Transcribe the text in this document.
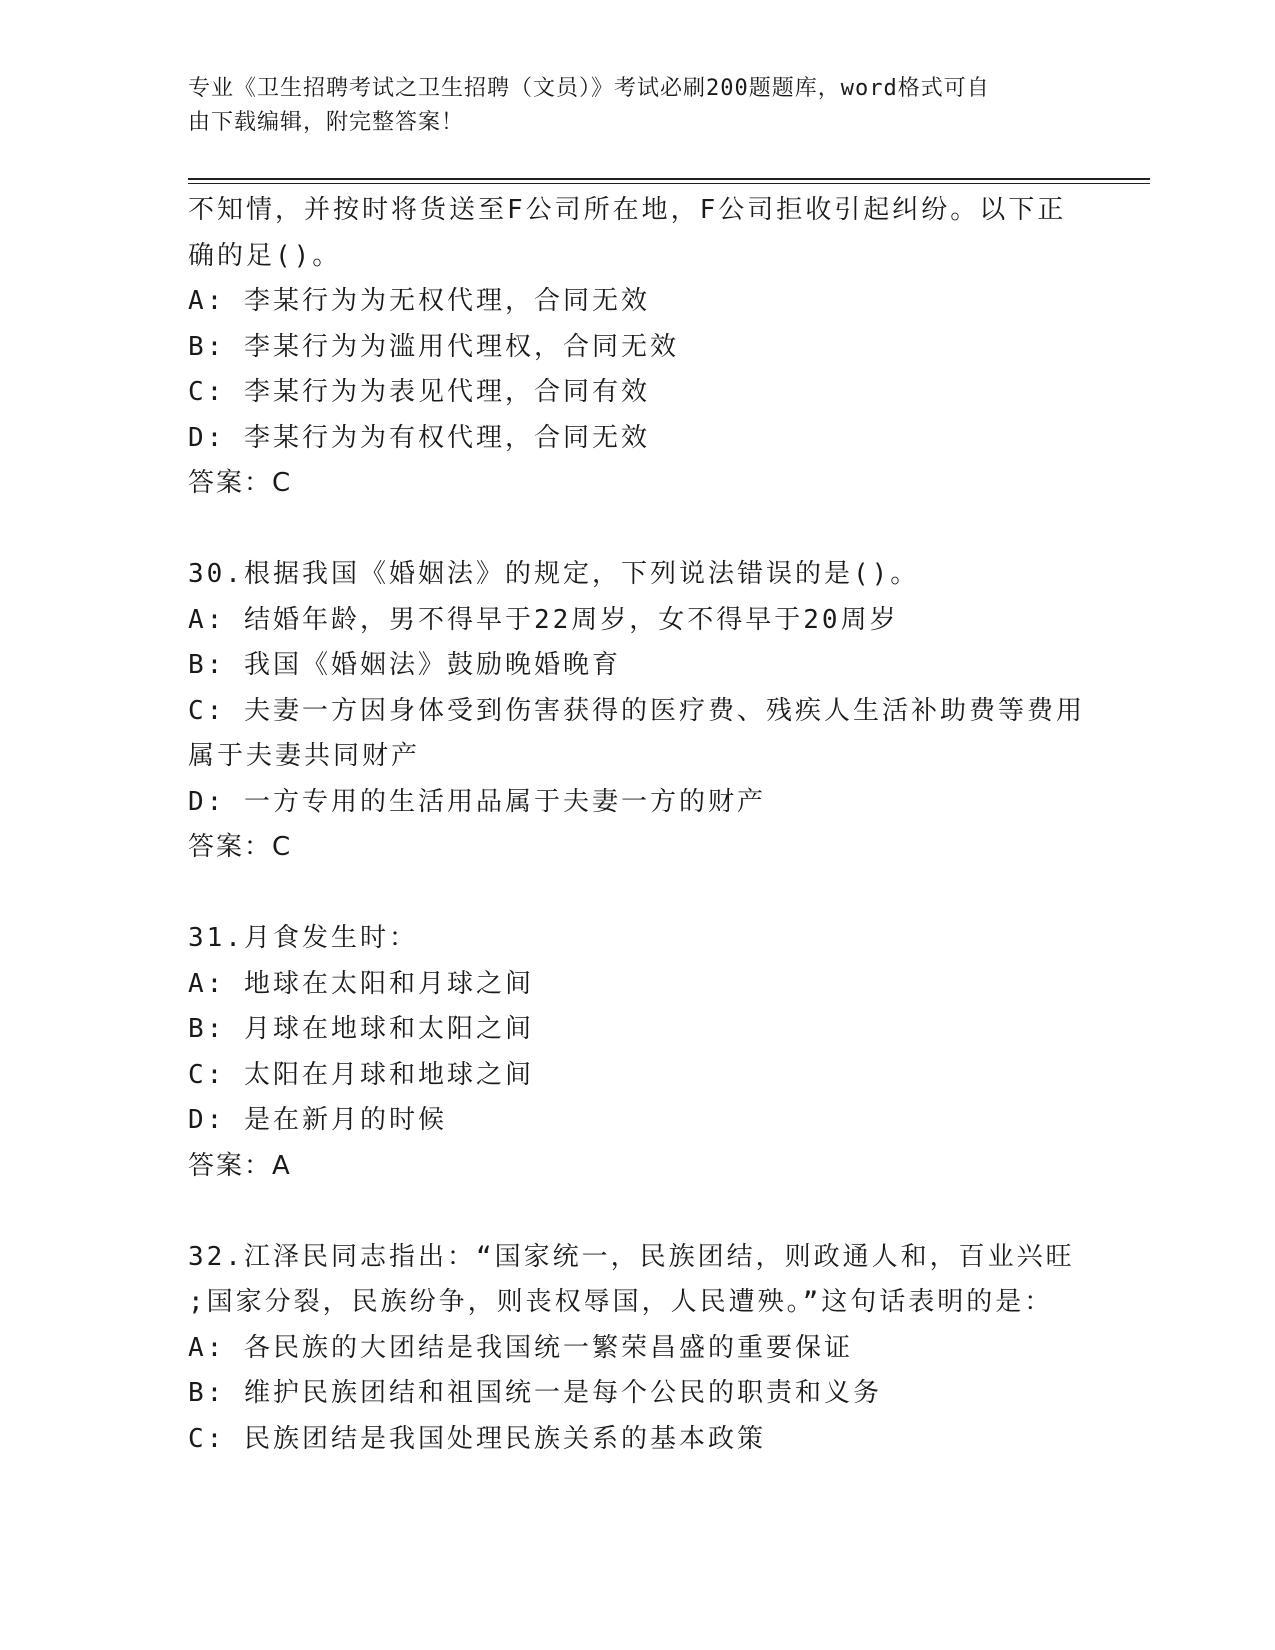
专业《卫生招聘考试之卫生招聘（文员）》考试必刷200题题库，word格式可自
由下载编辑，附完整答案！
不知情，并按时将货送至F公司所在地，F公司拒收引起纠纷。以下正
确的足()。
A: 李某行为为无权代理，合同无效
B: 李某行为为滥用代理权，合同无效
C: 李某行为为表见代理，合同有效
D: 李某行为为有权代理，合同无效
答案：C
30.根据我国《婚姻法》的规定，下列说法错误的是()。
A: 结婚年龄，男不得早于22周岁，女不得早于20周岁
B: 我国《婚姻法》鼓励晚婚晚育
C: 夫妻一方因身体受到伤害获得的医疗费、残疾人生活补助费等费用
属于夫妻共同财产
D: 一方专用的生活用品属于夫妻一方的财产
答案：C
31.月食发生时：
A: 地球在太阳和月球之间
B: 月球在地球和太阳之间
C: 太阳在月球和地球之间
D: 是在新月的时候
答案：A
32.江泽民同志指出：“国家统一，民族团结，则政通人和，百业兴旺
;国家分裂，民族纷争，则丧权辱国，人民遭殃。”这句话表明的是：
A: 各民族的大团结是我国统一繁荣昌盛的重要保证
B: 维护民族团结和祖国统一是每个公民的职责和义务
C: 民族团结是我国处理民族关系的基本政策
